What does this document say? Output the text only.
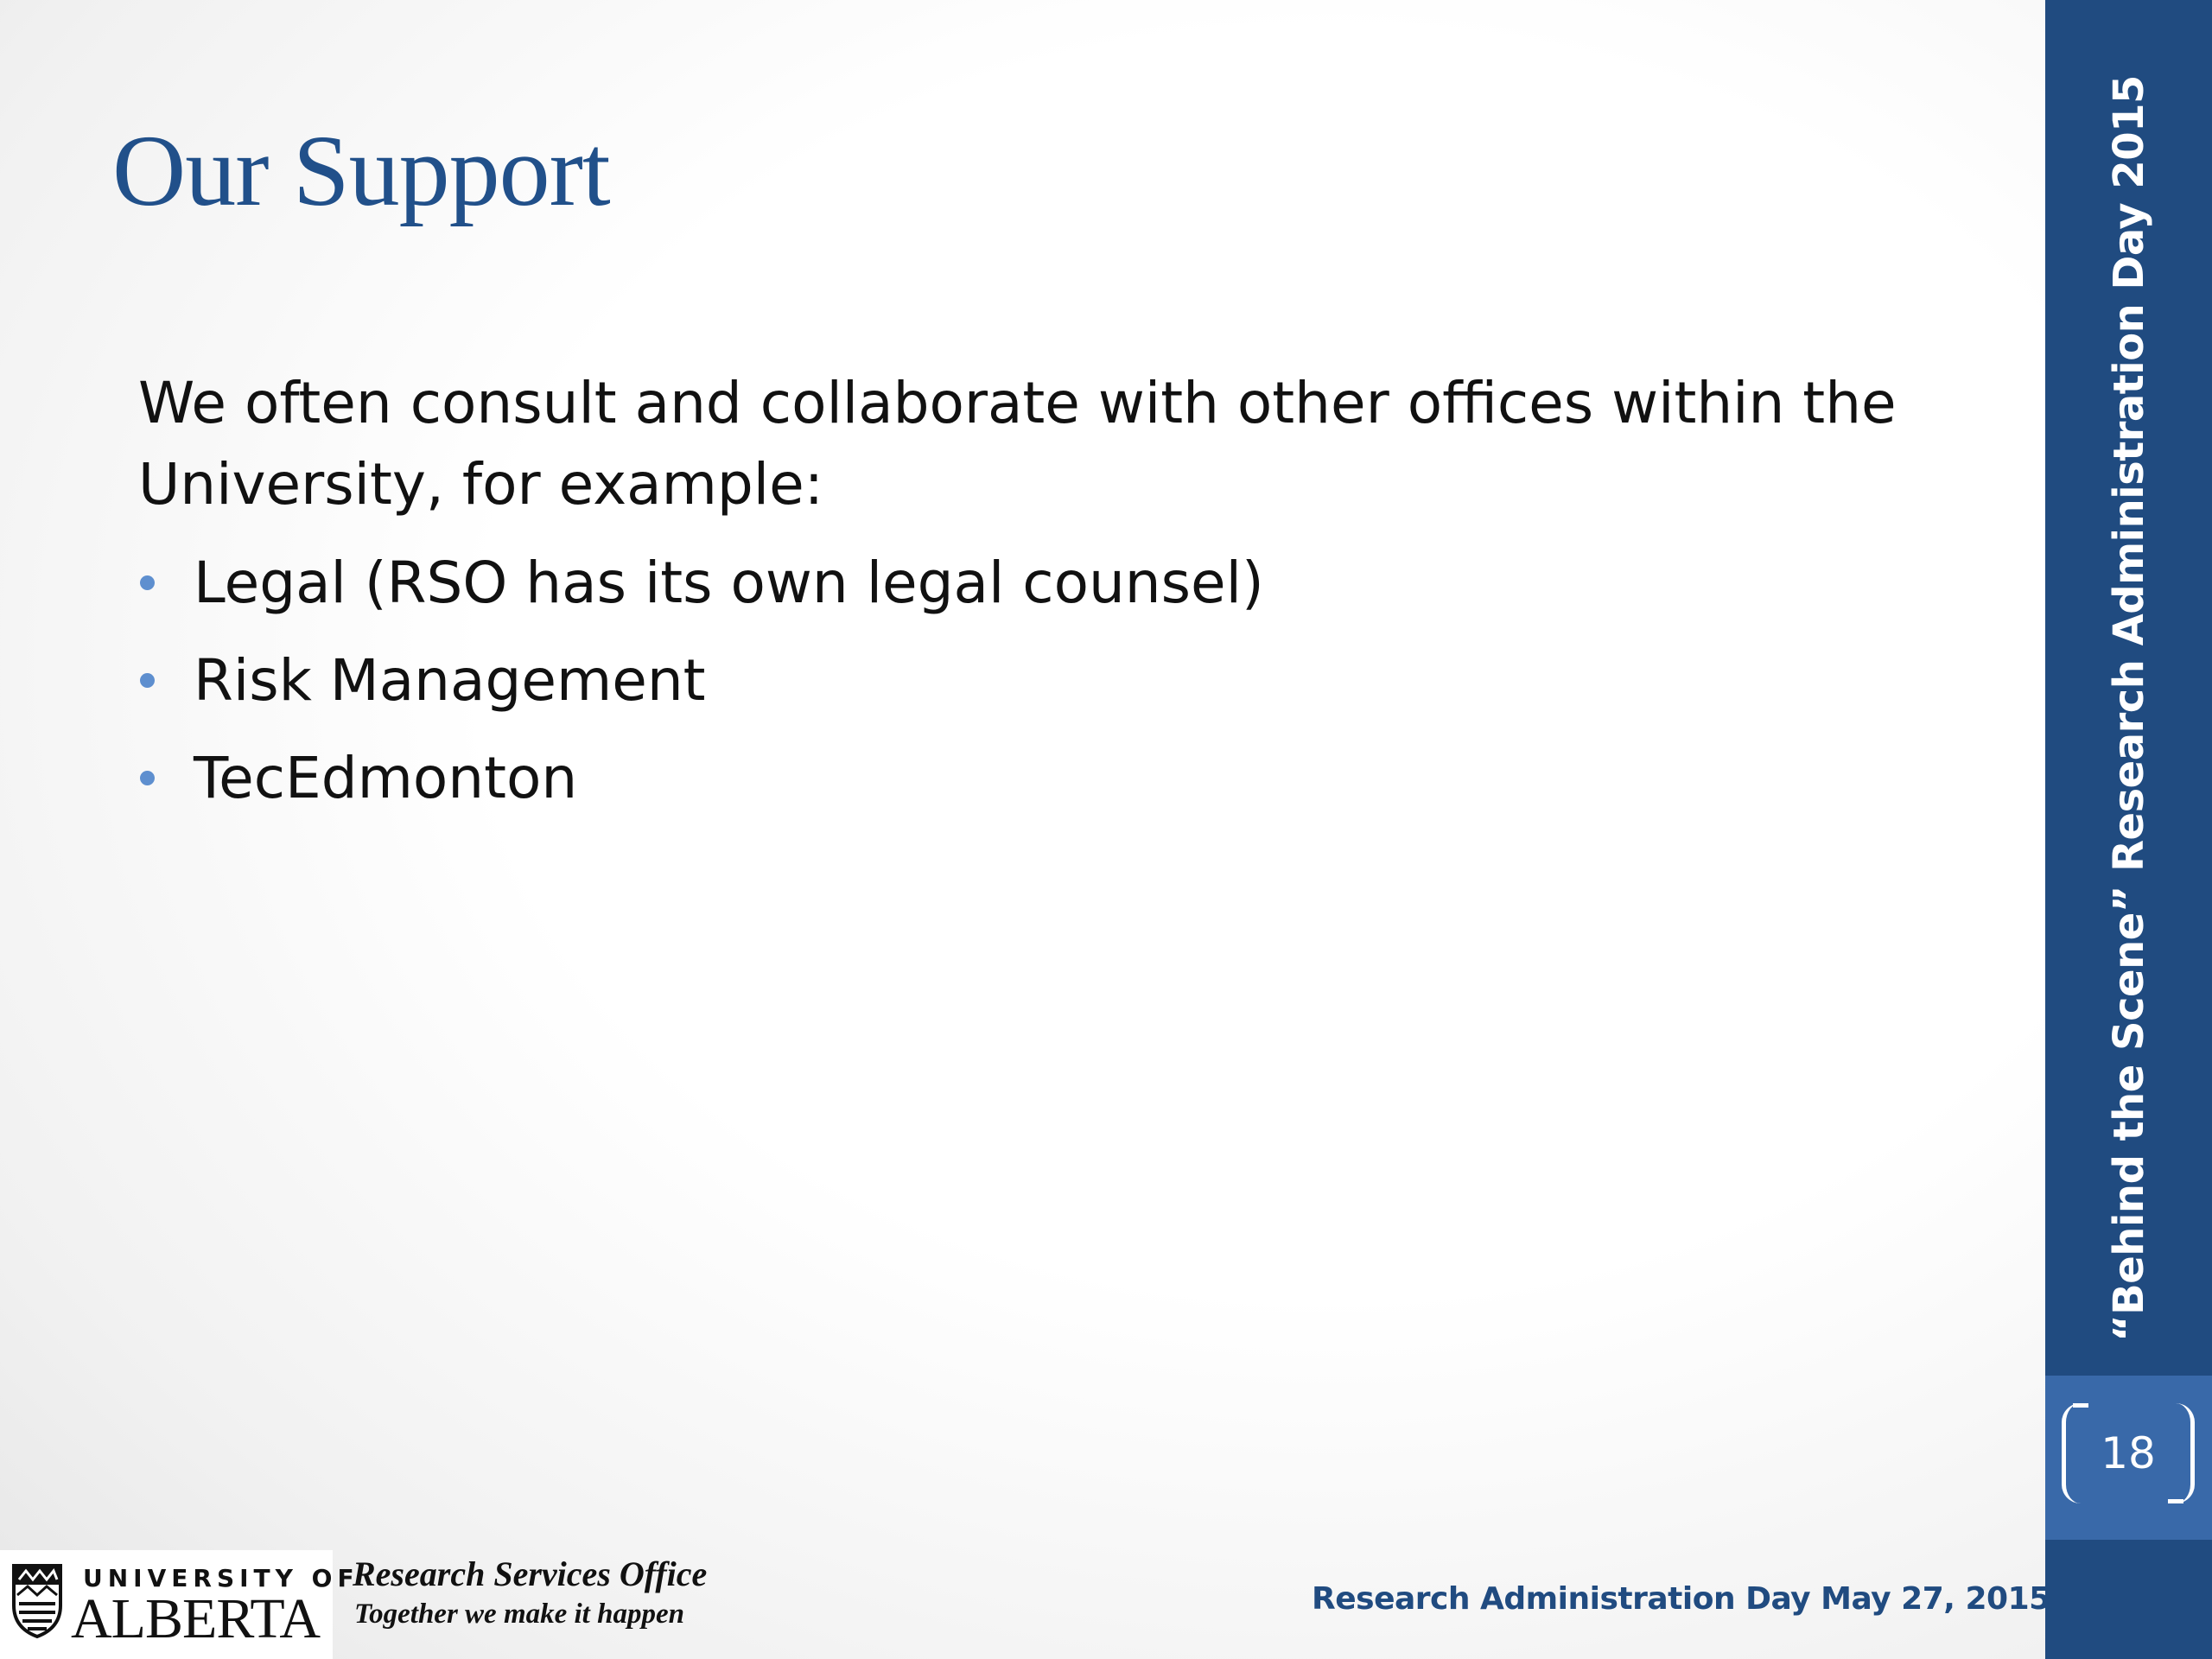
Our Support

We often consult and collaborate with other offices within the University, for example:

Legal (RSO has its own legal counsel)
Risk Management
TecEdmonton	“Behind the Scene” Research Administration Day 2015
18
UNIVERSITY OF
ALBERTA
Research Services Office
Together we make it happen	Research Administration Day May 27, 2015
